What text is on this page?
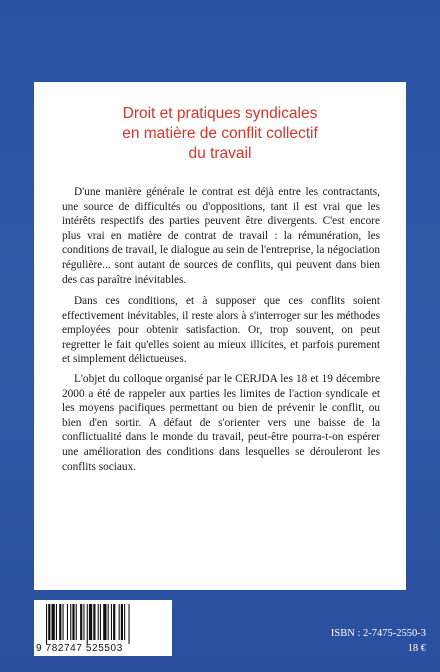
Droit et pratiques syndicales
en matière de conflit collectif
du travail

D'une manière générale le contrat est déjà entre les contractants, une source de difficultés ou d'oppositions, tant il est vrai que les intérêts respectifs des parties peuvent être divergents. C'est encore plus vrai en matière de contrat de travail : la rémunération, les conditions de travail, le dialogue au sein de l'entreprise, la négociation régulière... sont autant de sources de conflits, qui peuvent dans bien des cas paraître inévitables.

Dans ces conditions, et à supposer que ces conflits soient effectivement inévitables, il reste alors à s'interroger sur les méthodes employées pour obtenir satisfaction. Or, trop souvent, on peut regretter le fait qu'elles soient au mieux illicites, et parfois purement et simplement délictueuses.

L'objet du colloque organisé par le CERJDA les 18 et 19 décembre 2000 a été de rappeler aux parties les limites de l'action syndicale et les moyens pacifiques permettant ou bien de prévenir le conflit, ou bien d'en sortir. A défaut de s'orienter vers une baisse de la conflictualité dans le monde du travail, peut-être pourra-t-on espérer une amélioration des conditions dans lesquelles se dérouleront les conflits sociaux.

9 782747 525503
ISBN : 2-7475-2550-3
18 €
